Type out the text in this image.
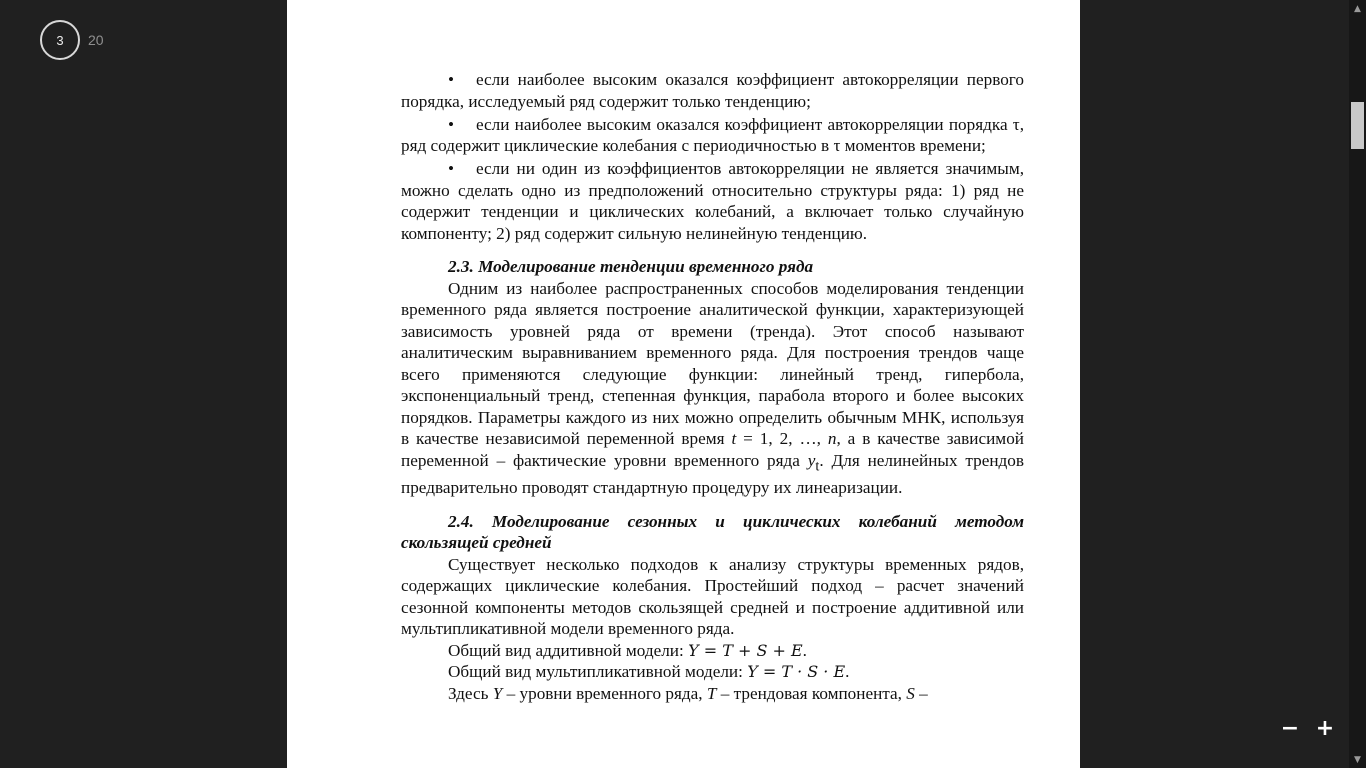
3	20

• если наиболее высоким оказался коэффициент автокорреляции первого порядка, исследуемый ряд содержит только тенденцию;

• если наиболее высоким оказался коэффициент автокорреляции порядка τ, ряд содержит циклические колебания с периодичностью в τ моментов времени;

• если ни один из коэффициентов автокорреляции не является значимым, можно сделать одно из предположений относительно структуры ряда: 1) ряд не содержит тенденции и циклических колебаний, а включает только случайную компоненту; 2) ряд содержит сильную нелинейную тенденцию.

2.3. Моделирование тенденции временного ряда

Одним из наиболее распространенных способов моделирования тенденции временного ряда является построение аналитической функции, характеризующей зависимость уровней ряда от времени (тренда). Этот способ называют аналитическим выравниванием временного ряда. Для построения трендов чаще всего применяются следующие функции: линейный тренд, гипербола, экспоненциальный тренд, степенная функция, парабола второго и более высоких порядков. Параметры каждого из них можно определить обычным МНК, используя в качестве независимой переменной время t = 1, 2, …, n, а в качестве зависимой переменной – фактические уровни временного ряда $y_t$. Для нелинейных трендов предварительно проводят стандартную процедуру их линеаризации.

2.4. Моделирование сезонных и циклических колебаний методом скользящей средней

Существует несколько подходов к анализу структуры временных рядов, содержащих циклические колебания. Простейший подход – расчет значений сезонной компоненты методов скользящей средней и построение аддитивной или мультипликативной модели временного ряда.

Общий вид аддитивной модели: Y = T + S + E.

Общий вид мультипликативной модели: Y = T · S · E.

Здесь Y – уровни временного ряда, T – трендовая компонента, S –

▲
▼
− +
